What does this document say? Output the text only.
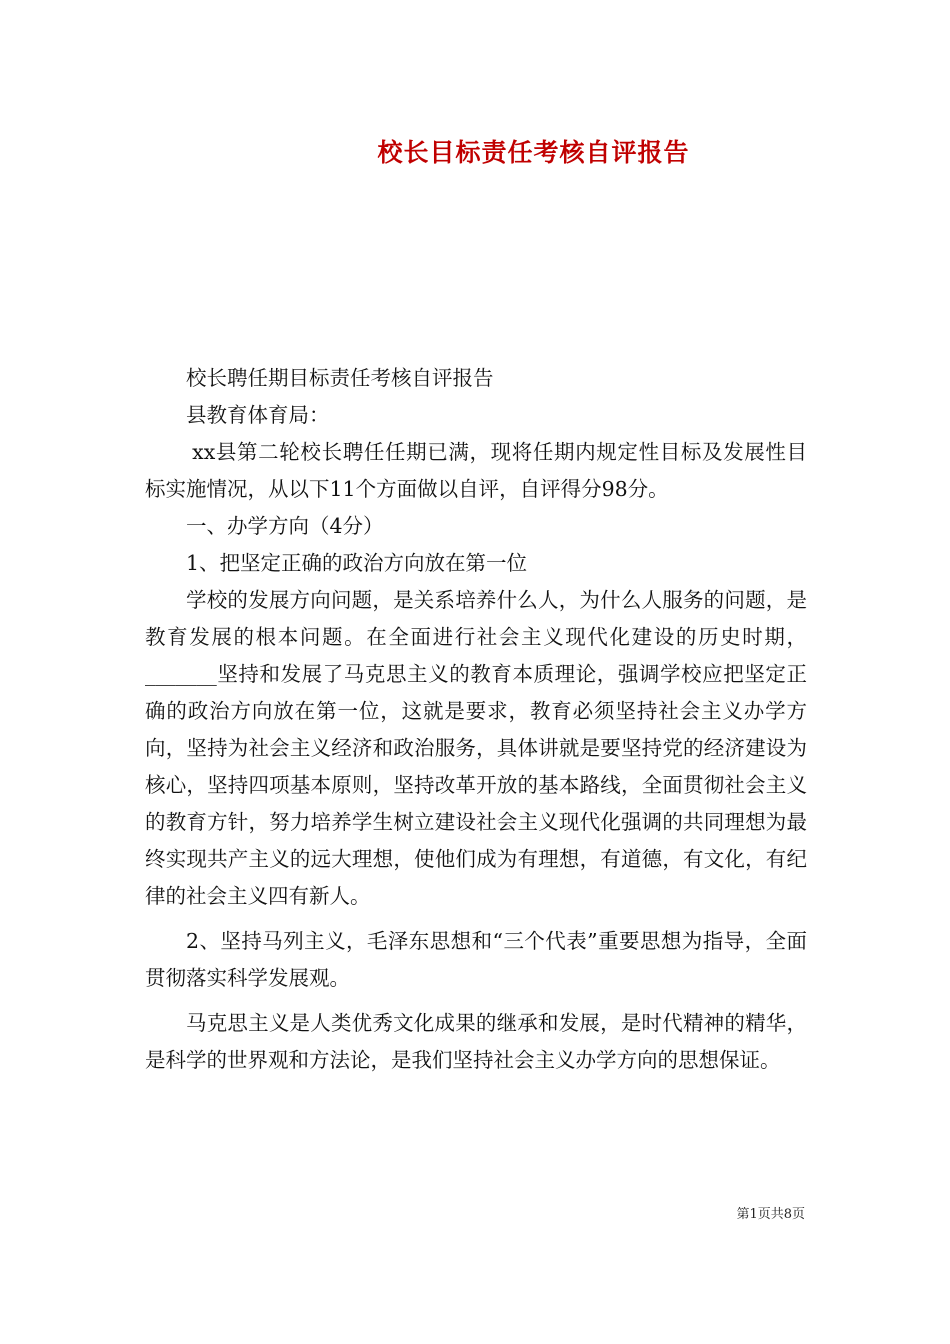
校长目标责任考核自评报告

校长聘任期目标责任考核自评报告

县教育体育局：

xx县第二轮校长聘任任期已满，现将任期内规定性目标及发展性目标实施情况，从以下11个方面做以自评，自评得分98分。

一、办学方向（4分）

1、把坚定正确的政治方向放在第一位

学校的发展方向问题，是关系培养什么人，为什么人服务的问题，是教育发展的根本问题。在全面进行社会主义现代化建设的历史时期，_______坚持和发展了马克思主义的教育本质理论，强调学校应把坚定正确的政治方向放在第一位，这就是要求，教育必须坚持社会主义办学方向，坚持为社会主义经济和政治服务，具体讲就是要坚持党的经济建设为核心，坚持四项基本原则，坚持改革开放的基本路线，全面贯彻社会主义的教育方针，努力培养学生树立建设社会主义现代化强调的共同理想为最终实现共产主义的远大理想，使他们成为有理想，有道德，有文化，有纪律的社会主义四有新人。

2、坚持马列主义，毛泽东思想和“三个代表”重要思想为指导，全面贯彻落实科学发展观。

马克思主义是人类优秀文化成果的继承和发展，是时代精神的精华，是科学的世界观和方法论，是我们坚持社会主义办学方向的思想保证。

第1页共8页
